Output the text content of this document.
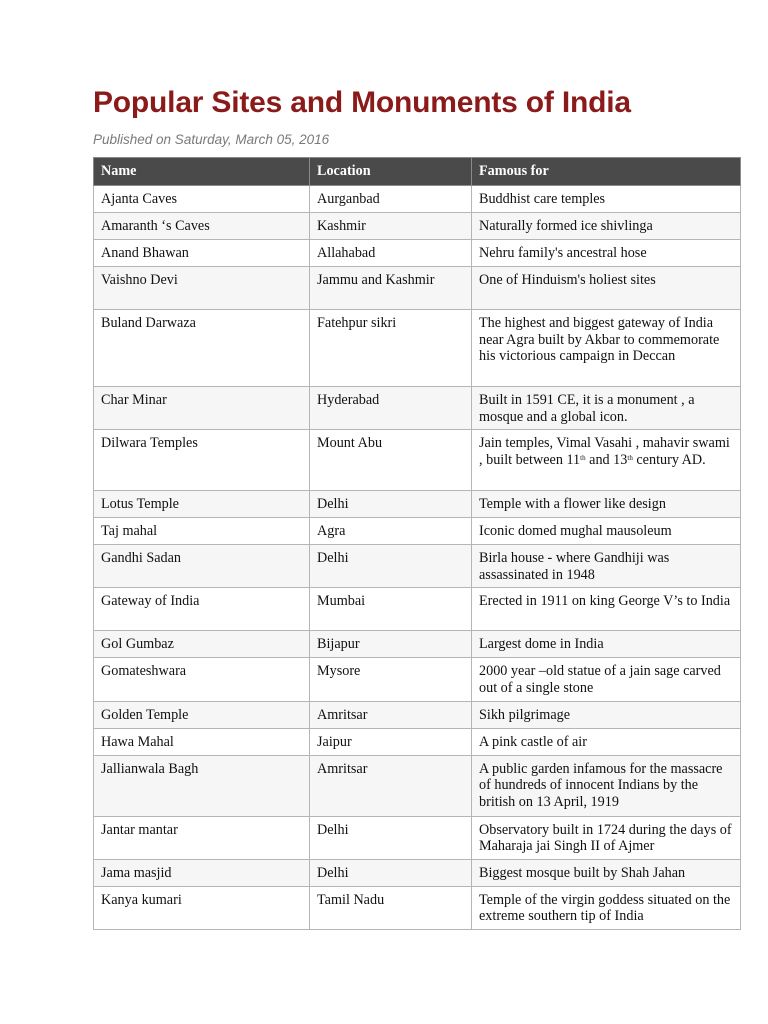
Popular Sites and Monuments of India
Published on Saturday, March 05, 2016
Name	Location	Famous for
Ajanta Caves	Aurganbad	Buddhist care temples
Amaranth ‘s Caves	Kashmir	Naturally formed ice shivlinga
Anand Bhawan	Allahabad	Nehru family's ancestral hose
Vaishno Devi	Jammu and Kashmir	One of Hinduism's holiest sites
Buland Darwaza	Fatehpur sikri	The highest and biggest gateway of India near Agra built by Akbar to commemorate his victorious campaign in Deccan
Char Minar	Hyderabad	Built in 1591 CE, it is a monument , a mosque and a global icon.
Dilwara Temples	Mount Abu	Jain temples, Vimal Vasahi , mahavir swami , built between 11th and 13th century AD.
Lotus Temple	Delhi	Temple with a flower like design
Taj mahal	Agra	Iconic domed mughal mausoleum
Gandhi Sadan	Delhi	Birla house - where Gandhiji was assassinated in 1948
Gateway of India	Mumbai	Erected in 1911 on king George V’s to India
Gol Gumbaz	Bijapur	Largest dome in India
Gomateshwara	Mysore	2000 year –old statue of a jain sage carved out of a single stone
Golden Temple	Amritsar	Sikh pilgrimage
Hawa Mahal	Jaipur	A pink castle of air
Jallianwala Bagh	Amritsar	A public garden infamous for the massacre of hundreds of innocent Indians by the british on 13 April, 1919
Jantar mantar	Delhi	Observatory built in 1724 during the days of Maharaja jai Singh II of Ajmer
Jama masjid	Delhi	Biggest mosque built by Shah Jahan
Kanya kumari	Tamil Nadu	Temple of the virgin goddess situated on the extreme southern tip of India
